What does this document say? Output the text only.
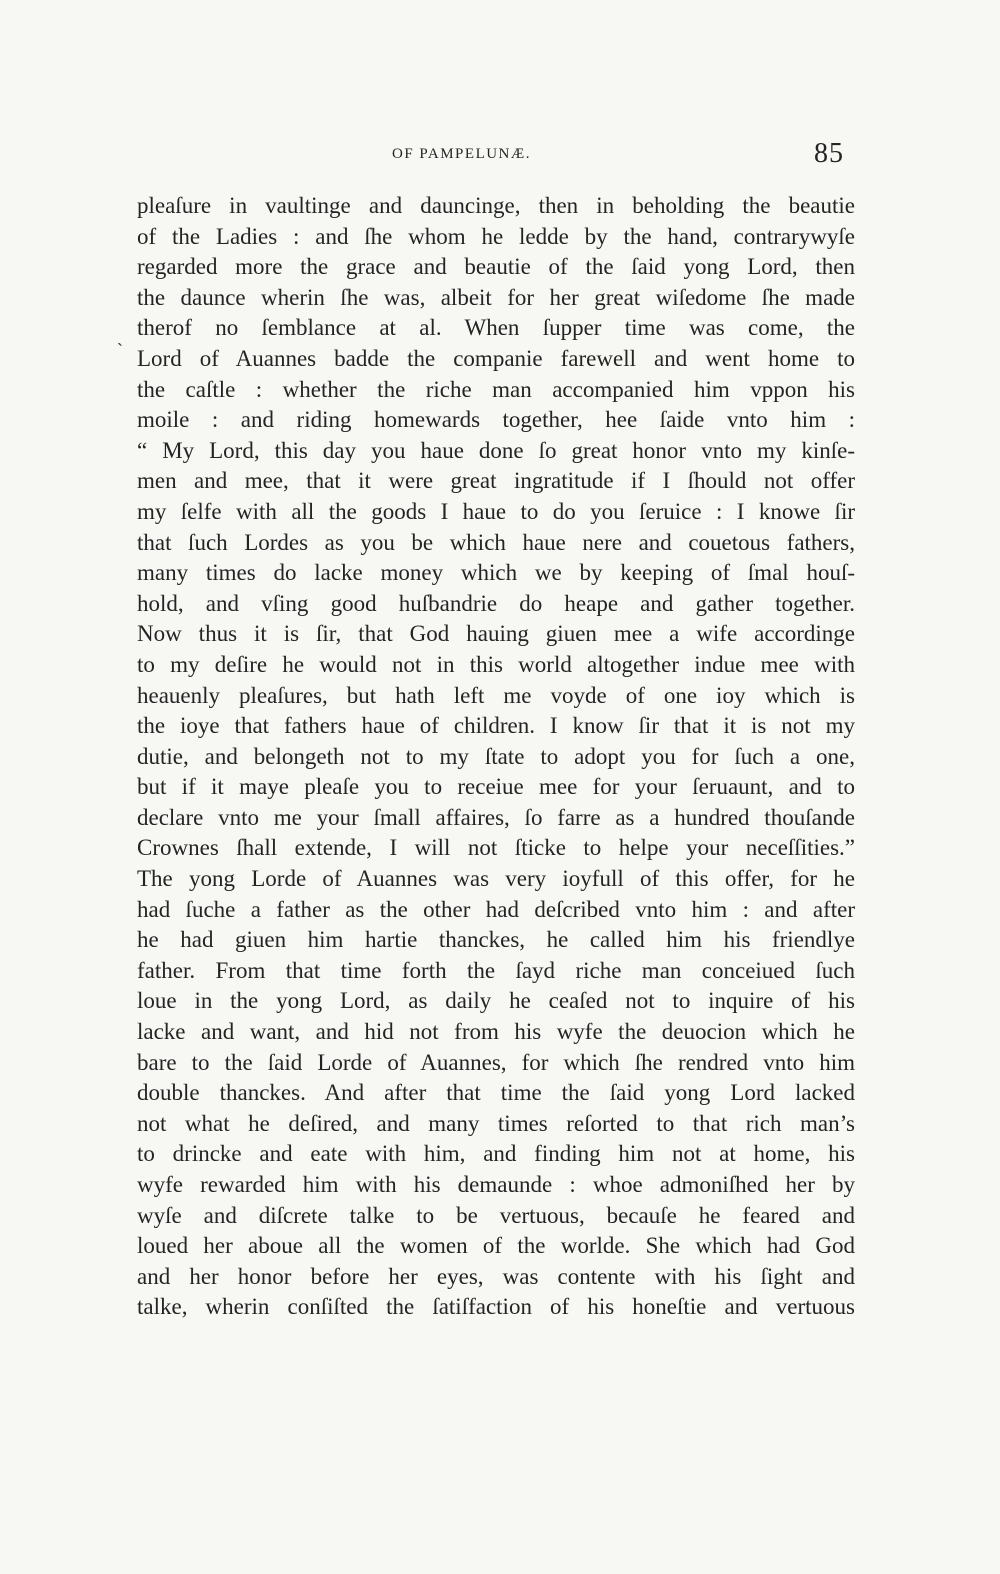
OF PAMPELUNÆ.	85
ˎ
pleaſure in vaultinge and dauncinge, then in beholding the beautie
of the Ladies : and ſhe whom he ledde by the hand, contrarywyſe
regarded more the grace and beautie of the ſaid yong Lord, then
the daunce wherin ſhe was, albeit for her great wiſedome ſhe made
therof no ſemblance at al. When ſupper time was come, the
Lord of Auannes badde the companie farewell and went home to
the caſtle : whether the riche man accompanied him vppon his
moile : and riding homewards together, hee ſaide vnto him :
“ My Lord, this day you haue done ſo great honor vnto my kinſe-
men and mee, that it were great ingratitude if I ſhould not offer
my ſelfe with all the goods I haue to do you ſeruice : I knowe ſir
that ſuch Lordes as you be which haue nere and couetous fathers,
many times do lacke money which we by keeping of ſmal houſ-
hold, and vſing good huſbandrie do heape and gather together.
Now thus it is ſir, that God hauing giuen mee a wife accordinge
to my deſire he would not in this world altogether indue mee with
heauenly pleaſures, but hath left me voyde of one ioy which is
the ioye that fathers haue of children. I know ſir that it is not my
dutie, and belongeth not to my ſtate to adopt you for ſuch a one,
but if it maye pleaſe you to receiue mee for your ſeruaunt, and to
declare vnto me your ſmall affaires, ſo farre as a hundred thouſande
Crownes ſhall extende, I will not ſticke to helpe your neceſſities.”
The yong Lorde of Auannes was very ioyfull of this offer, for he
had ſuche a father as the other had deſcribed vnto him : and after
he had giuen him hartie thanckes, he called him his friendlye
father. From that time forth the ſayd riche man conceiued ſuch
loue in the yong Lord, as daily he ceaſed not to inquire of his
lacke and want, and hid not from his wyfe the deuocion which he
bare to the ſaid Lorde of Auannes, for which ſhe rendred vnto him
double thanckes. And after that time the ſaid yong Lord lacked
not what he deſired, and many times reſorted to that rich man’s
to drincke and eate with him, and finding him not at home, his
wyfe rewarded him with his demaunde : whoe admoniſhed her by
wyſe and diſcrete talke to be vertuous, becauſe he feared and
loued her aboue all the women of the worlde. She which had God
and her honor before her eyes, was contente with his ſight and
talke, wherin conſiſted the ſatiſfaction of his honeſtie and vertuous
